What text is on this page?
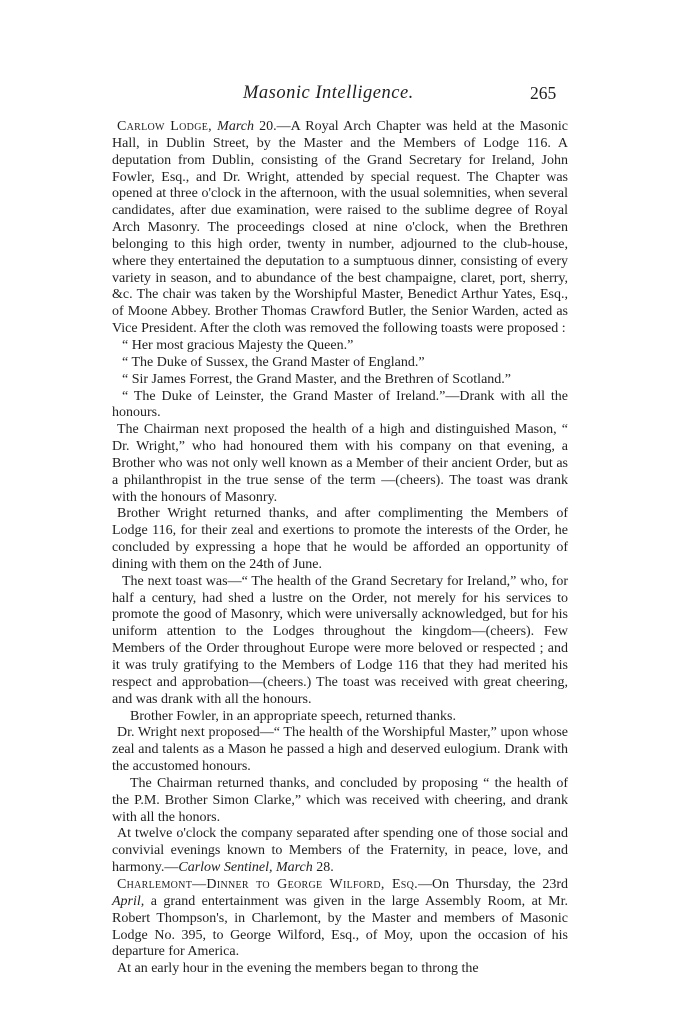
Masonic Intelligence.	265

Carlow Lodge, March 20.—A Royal Arch Chapter was held at the Masonic Hall, in Dublin Street, by the Master and the Members of Lodge 116. A deputation from Dublin, consisting of the Grand Secretary for Ireland, John Fowler, Esq., and Dr. Wright, attended by special request. The Chapter was opened at three o'clock in the afternoon, with the usual solemnities, when several candidates, after due examination, were raised to the sublime degree of Royal Arch Masonry. The proceedings closed at nine o'clock, when the Brethren belonging to this high order, twenty in number, adjourned to the club-house, where they entertained the deputation to a sumptuous dinner, consisting of every variety in season, and to abundance of the best champaigne, claret, port, sherry, &c. The chair was taken by the Worshipful Master, Benedict Arthur Yates, Esq., of Moone Abbey. Brother Thomas Crawford Butler, the Senior Warden, acted as Vice President. After the cloth was removed the following toasts were proposed :

“ Her most gracious Majesty the Queen.”

“ The Duke of Sussex, the Grand Master of England.”

“ Sir James Forrest, the Grand Master, and the Brethren of Scotland.”

“ The Duke of Leinster, the Grand Master of Ireland.”—Drank with all the honours.

The Chairman next proposed the health of a high and distinguished Mason, “ Dr. Wright,” who had honoured them with his company on that evening, a Brother who was not only well known as a Member of their ancient Order, but as a philanthropist in the true sense of the term —(cheers). The toast was drank with the honours of Masonry.

Brother Wright returned thanks, and after complimenting the Members of Lodge 116, for their zeal and exertions to promote the interests of the Order, he concluded by expressing a hope that he would be afforded an opportunity of dining with them on the 24th of June.

The next toast was—“ The health of the Grand Secretary for Ireland,” who, for half a century, had shed a lustre on the Order, not merely for his services to promote the good of Masonry, which were universally acknowledged, but for his uniform attention to the Lodges throughout the kingdom—(cheers). Few Members of the Order throughout Europe were more beloved or respected ; and it was truly gratifying to the Members of Lodge 116 that they had merited his respect and approbation—(cheers.) The toast was received with great cheering, and was drank with all the honours.

Brother Fowler, in an appropriate speech, returned thanks.

Dr. Wright next proposed—“ The health of the Worshipful Master,” upon whose zeal and talents as a Mason he passed a high and deserved eulogium. Drank with the accustomed honours.

The Chairman returned thanks, and concluded by proposing “ the health of the P.M. Brother Simon Clarke,” which was received with cheering, and drank with all the honors.

At twelve o'clock the company separated after spending one of those social and convivial evenings known to Members of the Fraternity, in peace, love, and harmony.—Carlow Sentinel, March 28.

Charlemont—Dinner to George Wilford, Esq.—On Thursday, the 23rd April, a grand entertainment was given in the large Assembly Room, at Mr. Robert Thompson's, in Charlemont, by the Master and members of Masonic Lodge No. 395, to George Wilford, Esq., of Moy, upon the occasion of his departure for America.

At an early hour in the evening the members began to throng the
